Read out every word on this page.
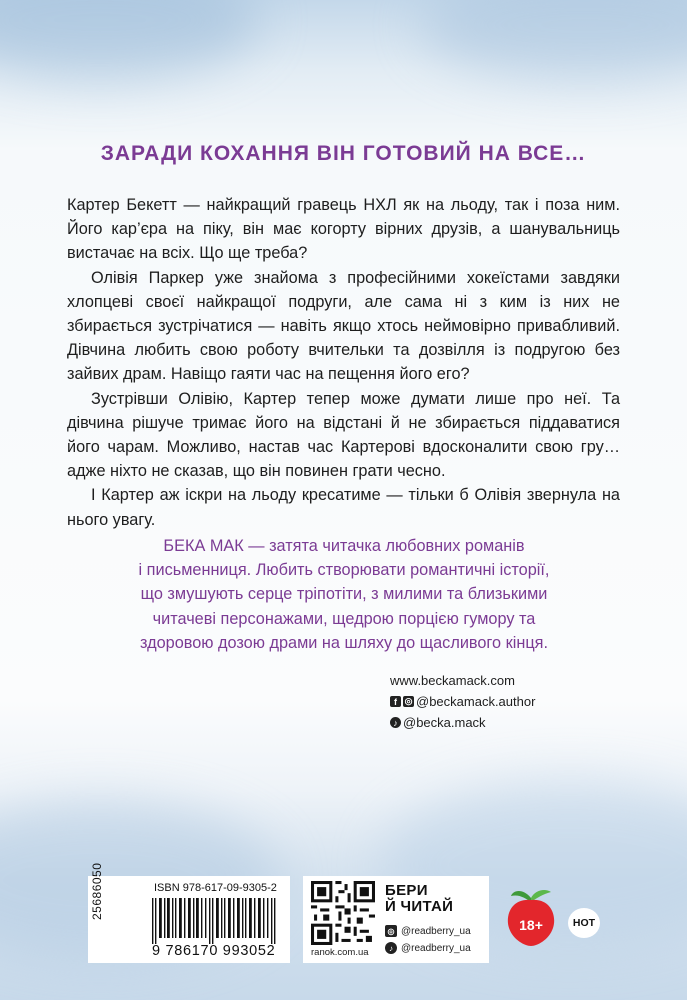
ЗАРАДИ КОХАННЯ ВІН ГОТОВИЙ НА ВСЕ…

Картер Бекетт — найкращий гравець НХЛ як на льоду, так і поза ним. Його кар’єра на піку, він має когорту вірних друзів, а шанувальниць вистачає на всіх. Що ще треба?

Олівія Паркер уже знайома з професійними хокеїстами завдяки хлопцеві своєї найкращої подруги, але сама ні з ким із них не збирається зустрічатися — навіть якщо хтось неймовірно привабливий. Дівчина любить свою роботу вчительки та дозвілля із подругою без зайвих драм. Навіщо гаяти час на пещення його его?

Зустрівши Олівію, Картер тепер може думати лише про неї. Та дівчина рішуче тримає його на відстані й не збирається піддаватися його чарам. Можливо, настав час Картерові вдосконалити свою гру… адже ніхто не сказав, що він повинен грати чесно.

І Картер аж іскри на льоду кресатиме — тільки б Олівія звернула на нього увагу.

БЕКА МАК — затята читачка любовних романів
і письменниця. Любить створювати романтичні історії,
що змушують серце тріпотіти, з милими та близькими
читачеві персонажами, щедрою порцією гумору та
здоровою дозою драми на шляху до щасливого кінця.
www.beckamack.com
f ◎ @beckamack.author
♪ @becka.mack
25686050	ISBN 978-617-09-9305-2
9 786170 993052	ranok.com.ua
БЕРИ
Й ЧИТАЙ
◎ @readberry_ua
♪ @readberry_ua
18+	HOT
